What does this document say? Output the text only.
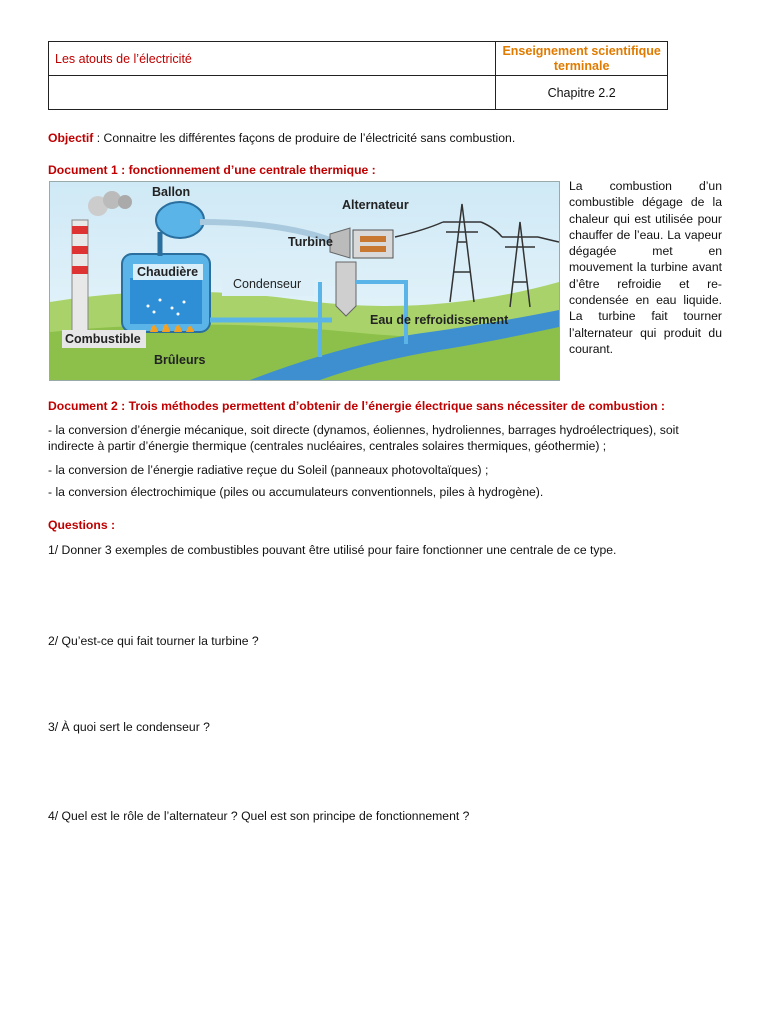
Les atouts de l’électricité	Enseignement scientifique
terminale

	Chapitre 2.2
Objectif : Connaitre les différentes façons de produire de l’électricité sans combustion.
Document 1 : fonctionnement d’une centrale thermique :
Ballon
Alternateur
Turbine
Chaudière
Condenseur
Eau de refroidissement
Combustible
Brûleurs
La combustion d’un combustible dégage de la chaleur qui est utilisée pour chauffer de l’eau. La vapeur dégagée met en mouvement la turbine avant d’être refroidie et re-condensée en eau liquide. La turbine fait tourner l’alternateur qui produit du courant.
Document 2 : Trois méthodes permettent d’obtenir de l’énergie électrique sans nécessiter de combustion :
- la conversion d’énergie mécanique, soit directe (dynamos, éoliennes, hydroliennes, barrages hydroélectriques), soit
indirecte à partir d’énergie thermique (centrales nucléaires, centrales solaires thermiques, géothermie) ;
- la conversion de l’énergie radiative reçue du Soleil (panneaux photovoltaïques) ;
- la conversion électrochimique (piles ou accumulateurs conventionnels, piles à hydrogène).
Questions :
1/ Donner 3 exemples de combustibles pouvant être utilisé pour faire fonctionner une centrale de ce type.
2/ Qu’est-ce qui fait tourner la turbine ?
3/ À quoi sert le condenseur ?
4/ Quel est le rôle de l’alternateur ? Quel est son principe de fonctionnement ?
